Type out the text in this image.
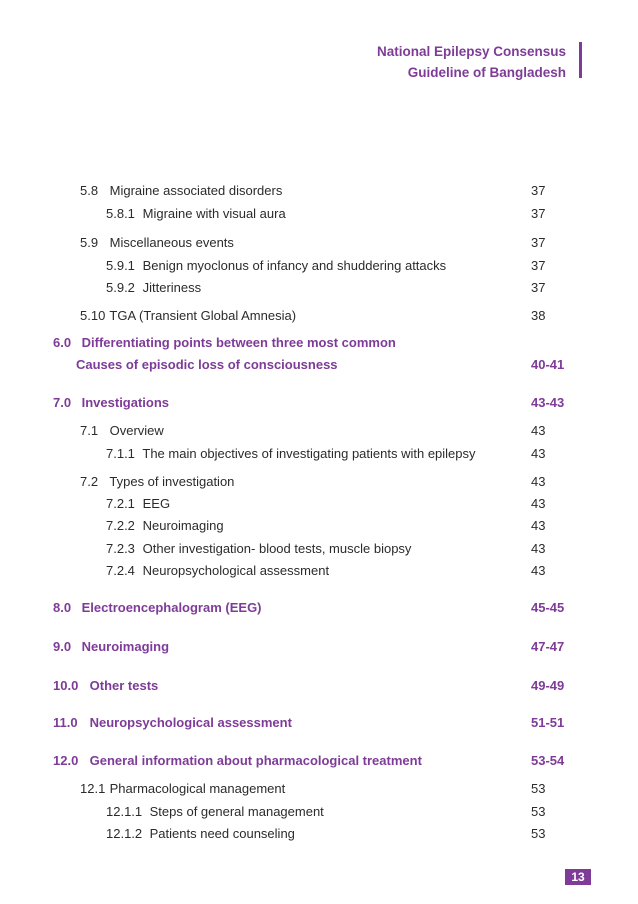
National Epilepsy Consensus
Guideline of Bangladesh
5.8 Migraine associated disorders	37
5.8.1 Migraine with visual aura	37
5.9 Miscellaneous events	37
5.9.1 Benign myoclonus of infancy and shuddering attacks	37
5.9.2 Jitteriness	37
5.10 TGA (Transient Global Amnesia)	38
6.0 Differentiating points between three most common
Causes of episodic loss of consciousness	40-41
7.0 Investigations	43-43
7.1 Overview	43
7.1.1 The main objectives of investigating patients with epilepsy	43
7.2 Types of investigation	43
7.2.1 EEG	43
7.2.2 Neuroimaging	43
7.2.3 Other investigation- blood tests, muscle biopsy	43
7.2.4 Neuropsychological assessment	43
8.0 Electroencephalogram (EEG)	45-45
9.0 Neuroimaging	47-47
10.0 Other tests	49-49
11.0 Neuropsychological assessment	51-51
12.0 General information about pharmacological treatment	53-54
12.1 Pharmacological management	53
12.1.1 Steps of general management	53
12.1.2 Patients need counseling	53
13
